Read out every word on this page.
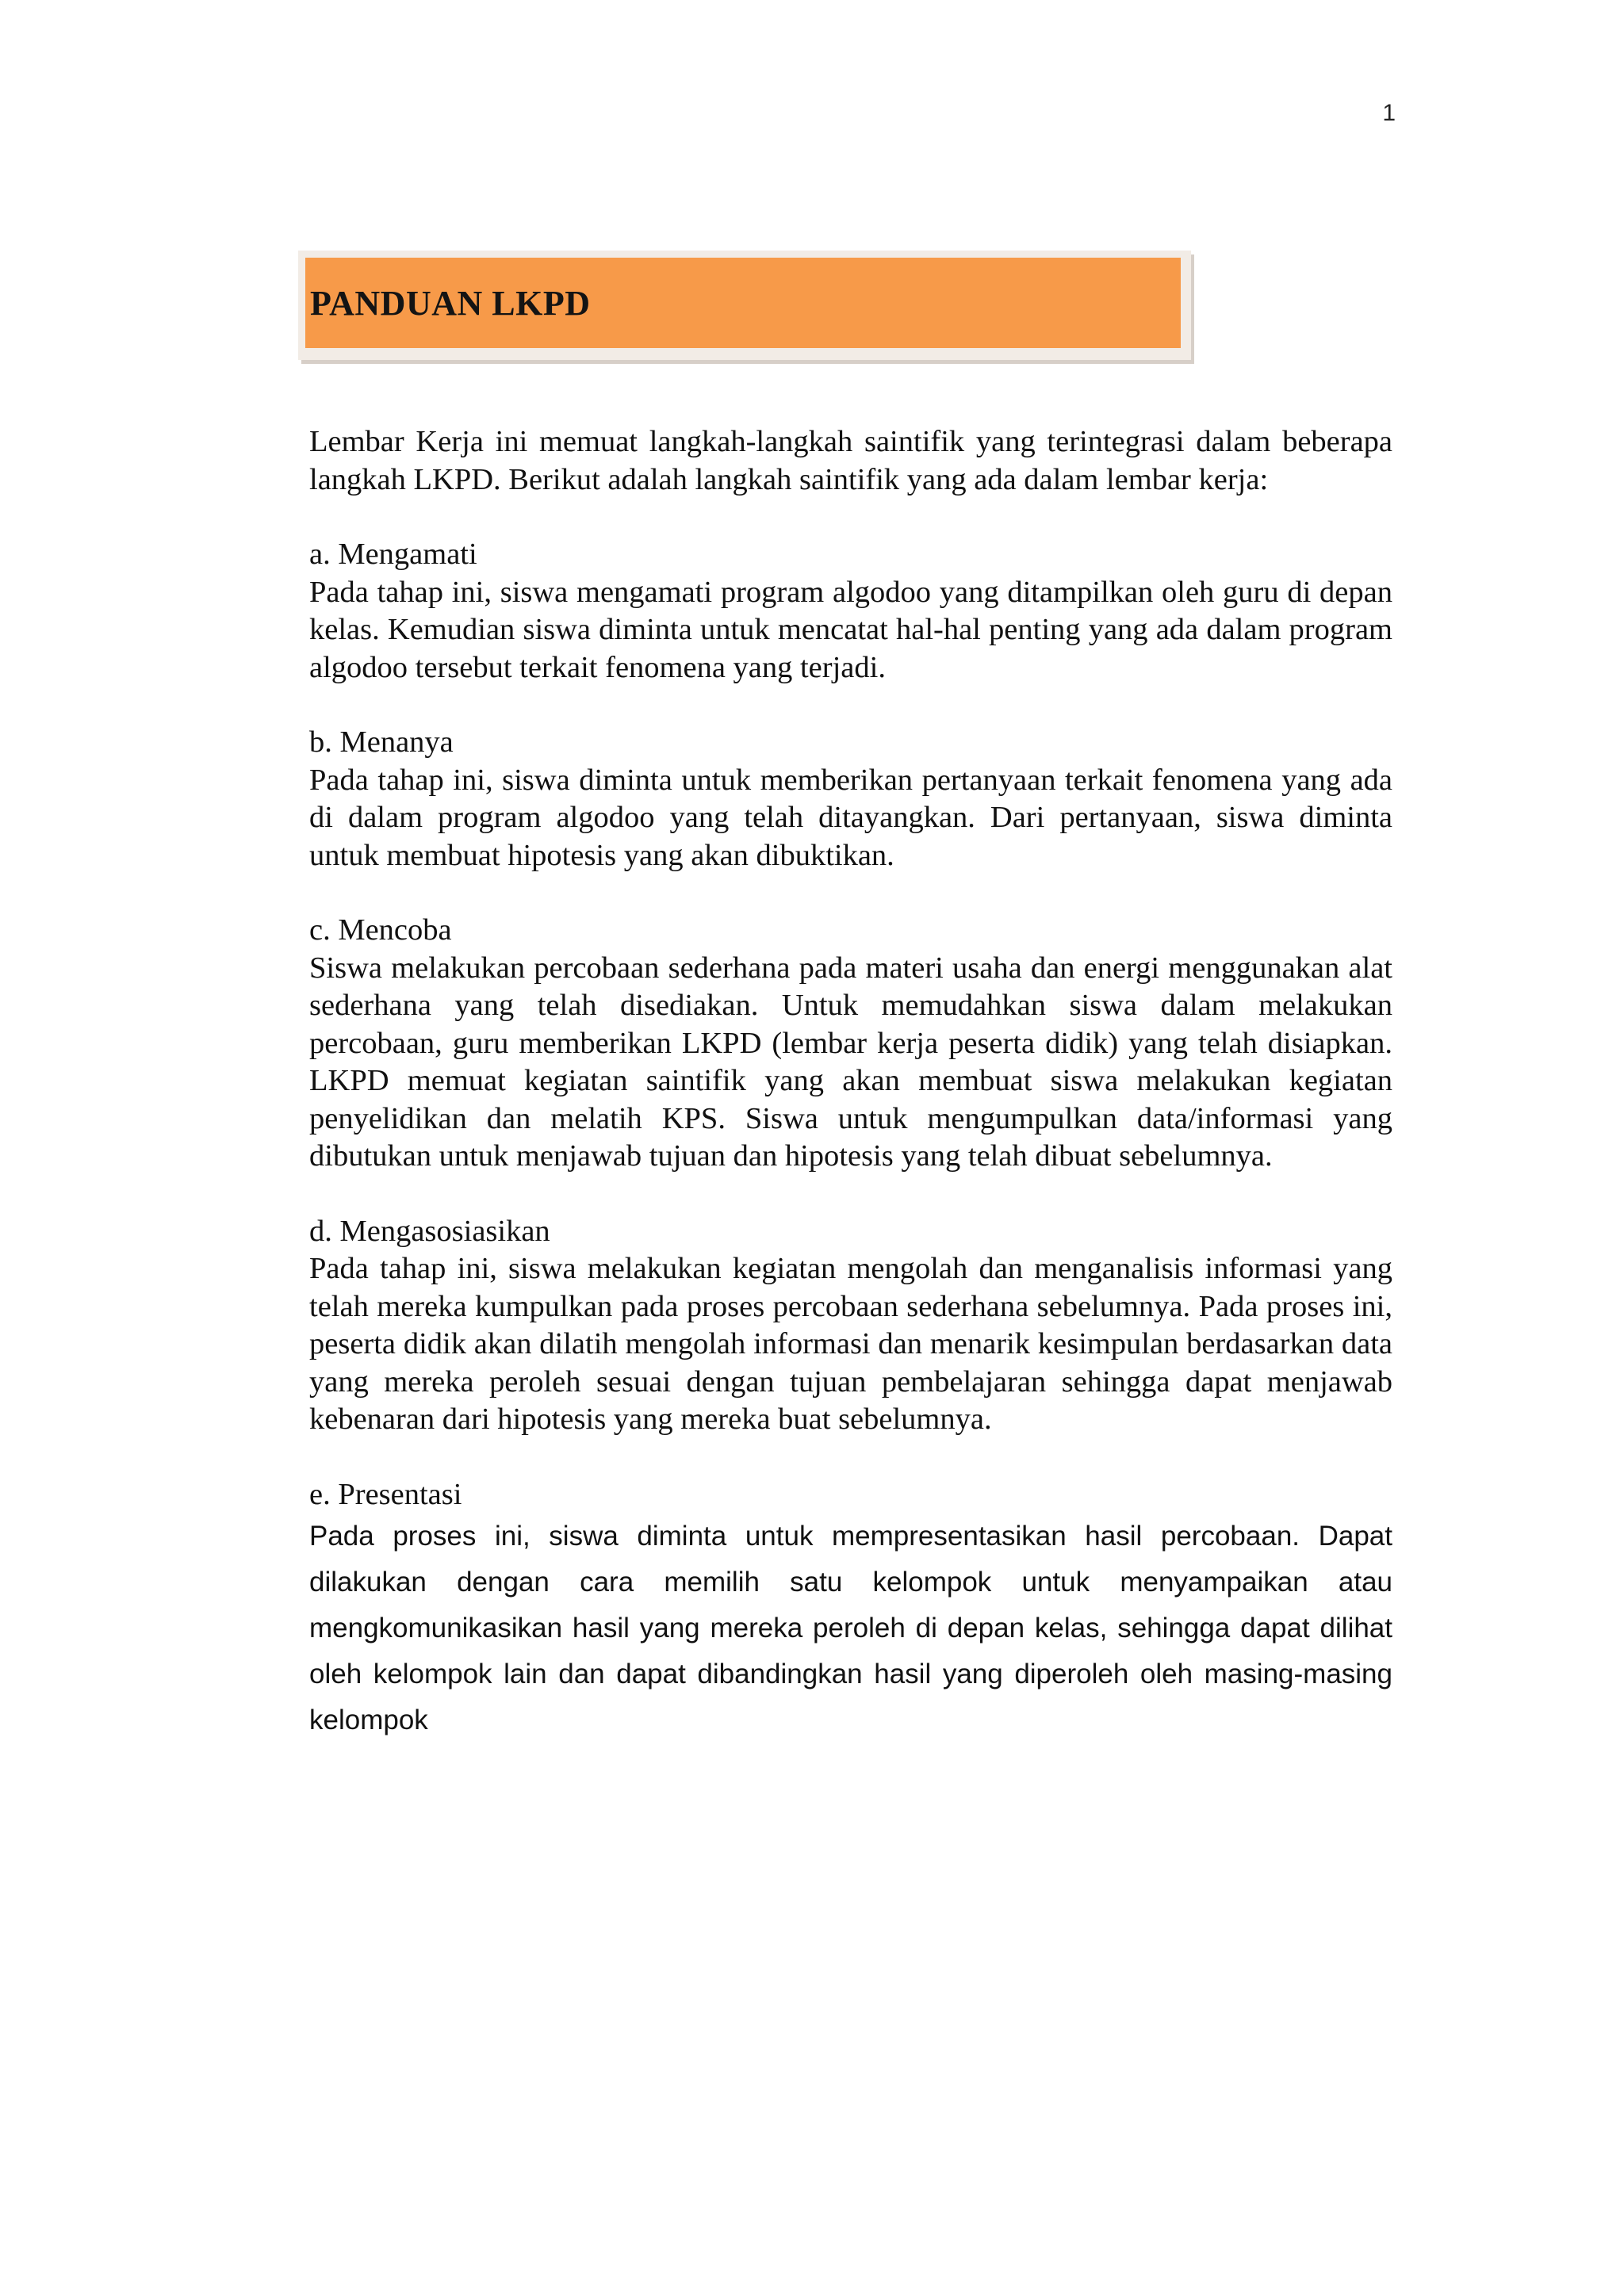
1
PANDUAN LKPD

Lembar Kerja ini memuat langkah-langkah saintifik yang terintegrasi dalam beberapa langkah LKPD. Berikut adalah langkah saintifik yang ada dalam lembar kerja:

a. Mengamati

Pada tahap ini, siswa mengamati program algodoo yang ditampilkan oleh guru di depan kelas. Kemudian siswa diminta untuk mencatat hal-hal penting yang ada dalam program algodoo tersebut terkait fenomena yang terjadi.

b. Menanya

Pada tahap ini, siswa diminta untuk memberikan pertanyaan terkait fenomena yang ada di dalam program algodoo yang telah ditayangkan. Dari pertanyaan, siswa diminta untuk membuat hipotesis yang akan dibuktikan.

c. Mencoba

Siswa melakukan percobaan sederhana pada materi usaha dan energi menggunakan alat sederhana yang telah disediakan. Untuk memudahkan siswa dalam melakukan percobaan, guru memberikan LKPD (lembar kerja peserta didik) yang telah disiapkan. LKPD memuat kegiatan saintifik yang akan membuat siswa melakukan kegiatan penyelidikan dan melatih KPS. Siswa untuk mengumpulkan data/informasi yang dibutukan untuk menjawab tujuan dan hipotesis yang telah dibuat sebelumnya.

d. Mengasosiasikan

Pada tahap ini, siswa melakukan kegiatan mengolah dan menganalisis informasi yang telah mereka kumpulkan pada proses percobaan sederhana sebelumnya. Pada proses ini, peserta didik akan dilatih mengolah informasi dan menarik kesimpulan berdasarkan data yang mereka peroleh sesuai dengan tujuan pembelajaran sehingga dapat menjawab kebenaran dari hipotesis yang mereka buat sebelumnya.

e. Presentasi

Pada proses ini, siswa diminta untuk mempresentasikan hasil percobaan. Dapat dilakukan dengan cara memilih satu kelompok untuk menyampaikan atau mengkomunikasikan hasil yang mereka peroleh di depan kelas, sehingga dapat dilihat oleh kelompok lain dan dapat dibandingkan hasil yang diperoleh oleh masing-masing kelompok
